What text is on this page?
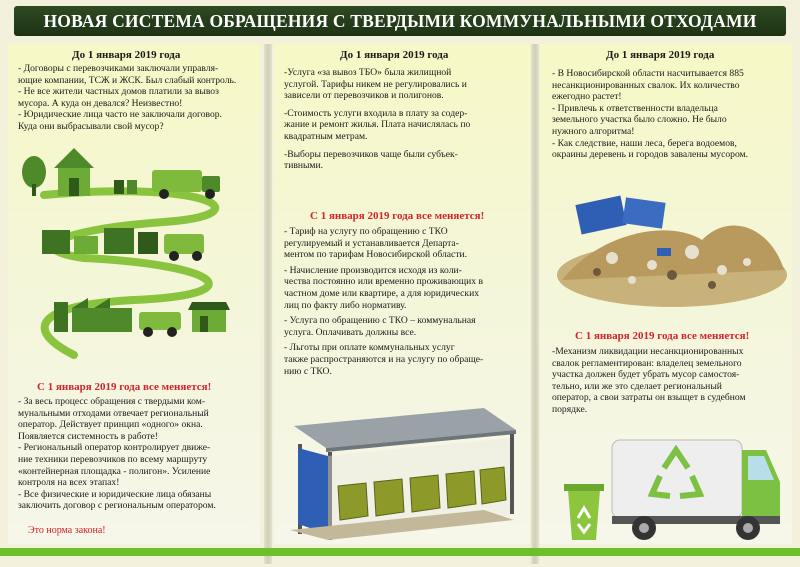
НОВАЯ СИСТЕМА ОБРАЩЕНИЯ С ТВЕРДЫМИ КОММУНАЛЬНЫМИ ОТХОДАМИ
До 1 января 2019 года

- Договоры с перевозчиками заключали управля-

ющие компании, ТСЖ и ЖСК. Был слабый контроль.

- Не все жители частных домов платили за вывоз

мусора. А куда он девался? Неизвестно!

- Юридические лица часто не заключали договор.

Куда они выбрасывали свой мусор?

С 1 января 2019 года все меняется!

- За весь процесс обращения с твердыми ком-

мунальными отходами отвечает региональный

оператор. Действует принцип «одного» окна.

Появляется системность в работе!

- Региональный оператор контролирует движе-

ние техники перевозчиков по всему маршруту

«контейнерная площадка - полигон». Усиление

контроля на всех этапах!

- Все физические и юридические лица обязаны

заключить договор с региональным оператором.

Это норма закона!
До 1 января 2019 года

-Услуга «за вывоз ТБО» была жилищной

услугой. Тарифы никем не регулировались и

зависели от перевозчиков и полигонов.

-Стоимость услуги входила в плату за содер-

жание и ремонт жилья. Плата начислялась по

квадратным метрам.

-Выборы перевозчиков чаще были субъек-

тивными.

С 1 января 2019 года все меняется!

- Тариф на услугу по обращению с ТКО

регулируемый и устанавливается Департа-

ментом по тарифам Новосибирской области.

- Начисление производится исходя из коли-

чества постоянно или временно проживающих в

частном доме или квартире, а для юридических

лиц по факту либо нормативу.

- Услуга по обращению с ТКО – коммунальная

услуга. Оплачивать должны все.

- Льготы при оплате коммунальных услуг

также распространяются и на услугу по обраще-

нию с ТКО.

До 1 января 2019 года

- В Новосибирской области насчитывается 885

несанкционированных свалок. Их количество

ежегодно растет!

- Привлечь к ответственности владельца

земельного участка было сложно. Не было

нужного алгоритма!

- Как следствие, наши леса, берега водоемов,

окраины деревень и городов завалены мусором.

С 1 января 2019 года все меняется!

-Механизм ликвидации несанкционированных

свалок регламентирован: владелец земельного

участка должен будет убрать мусор самостоя-

тельно, или же это сделает региональный

оператор, а свои затраты он взыщет в судебном

порядке.
